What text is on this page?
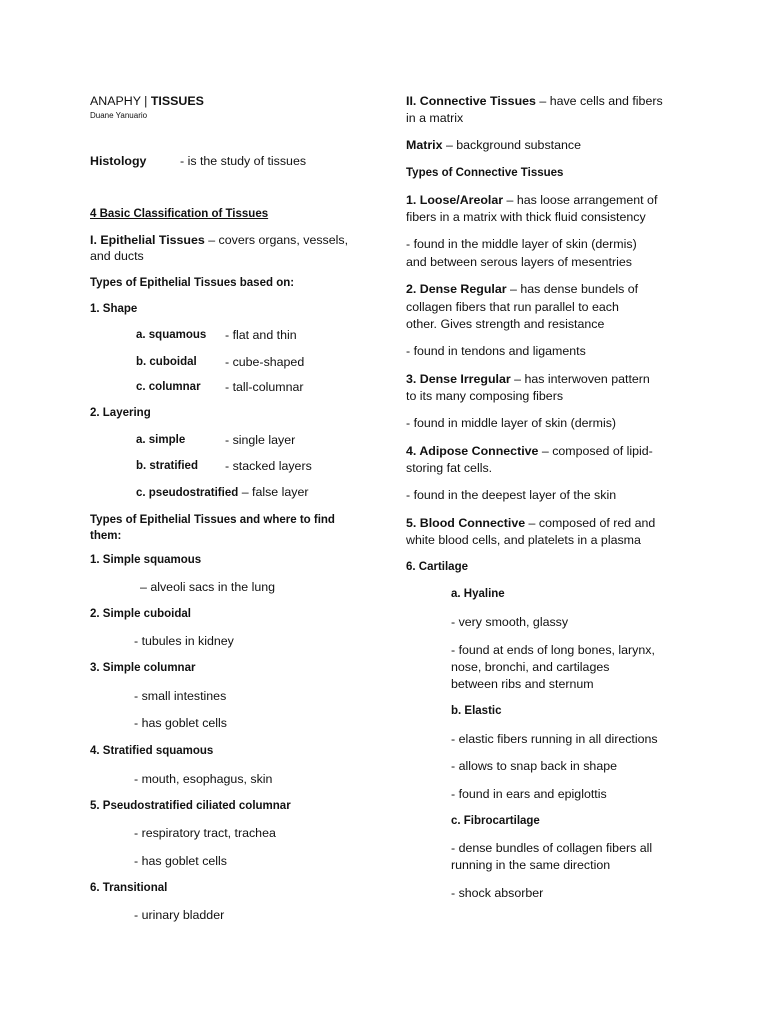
ANAPHY | TISSUES
Duane Yanuario
Histology	- is the study of tissues
4 Basic Classification of Tissues
I. Epithelial Tissues – covers organs, vessels,
and ducts
Types of Epithelial Tissues based on:
1. Shape
a. squamous - flat and thin
b. cuboidal - cube-shaped
c. columnar - tall-columnar
2. Layering
a. simple	- single layer
b. stratified - stacked layers
c. pseudostratified – false layer
Types of Epithelial Tissues and where to find
them:
1. Simple squamous
– alveoli sacs in the lung
2. Simple cuboidal
- tubules in kidney
3. Simple columnar
- small intestines
- has goblet cells
4. Stratified squamous
- mouth, esophagus, skin
5. Pseudostratified ciliated columnar
- respiratory tract, trachea
- has goblet cells
6. Transitional
- urinary bladder
II. Connective Tissues – have cells and fibers
in a matrix
Matrix – background substance
Types of Connective Tissues
1. Loose/Areolar – has loose arrangement of
fibers in a matrix with thick fluid consistency
- found in the middle layer of skin (dermis)
and between serous layers of mesentries
2. Dense Regular – has dense bundels of
collagen fibers that run parallel to each
other. Gives strength and resistance
- found in tendons and ligaments
3. Dense Irregular – has interwoven pattern
to its many composing fibers
- found in middle layer of skin (dermis)
4. Adipose Connective – composed of lipid-
storing fat cells.
- found in the deepest layer of the skin
5. Blood Connective – composed of red and
white blood cells, and platelets in a plasma
6. Cartilage
a. Hyaline
- very smooth, glassy
- found at ends of long bones, larynx,
nose, bronchi, and cartilages
between ribs and sternum
b. Elastic
- elastic fibers running in all directions
- allows to snap back in shape
- found in ears and epiglottis
c. Fibrocartilage
- dense bundles of collagen fibers all
running in the same direction
- shock absorber
